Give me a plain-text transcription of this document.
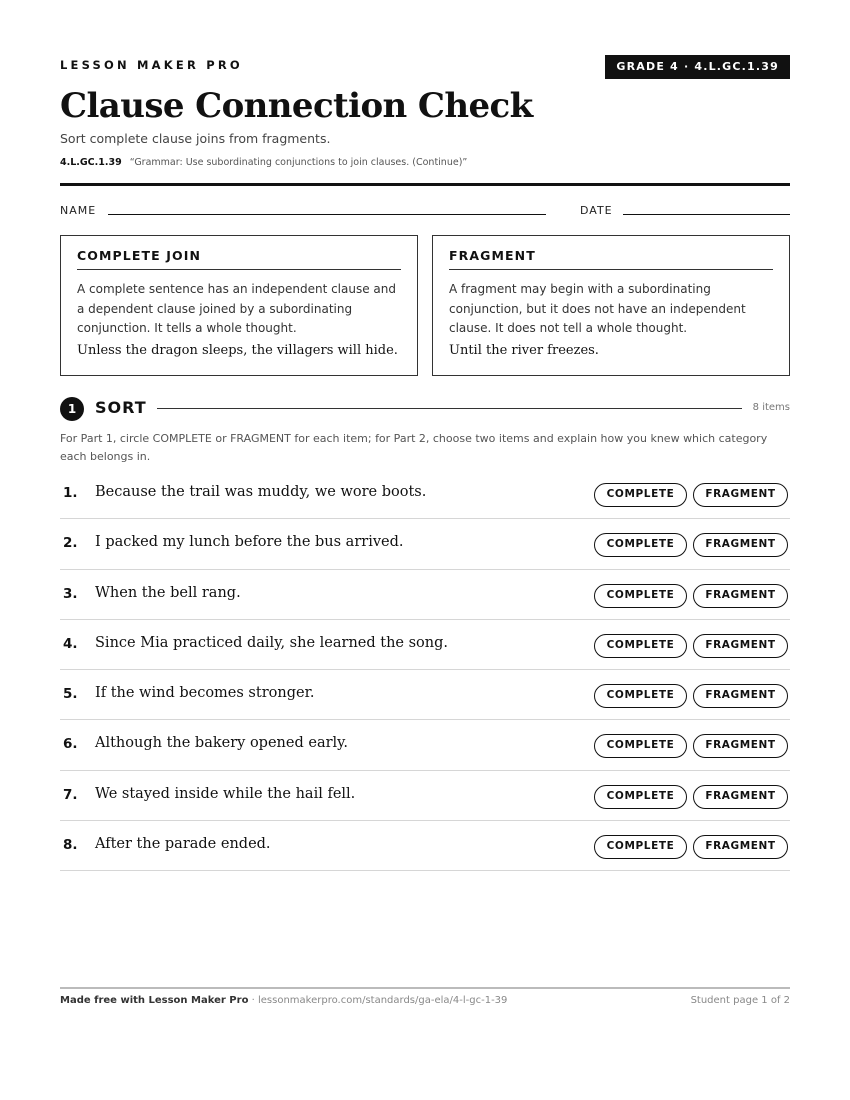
LESSON MAKER PRO	GRADE 4 · 4.L.GC.1.39
Clause Connection Check
Sort complete clause joins from fragments.
4.L.GC.1.39 “Grammar: Use subordinating conjunctions to join clauses. (Continue)”
NAME	DATE
COMPLETE JOIN
A complete sentence has an independent clause and a dependent clause joined by a subordinating conjunction. It tells a whole thought.
Unless the dragon sleeps, the villagers will hide.
FRAGMENT
A fragment may begin with a subordinating conjunction, but it does not have an independent clause. It does not tell a whole thought.
Until the river freezes.
1	SORT	8 items

For Part 1, circle COMPLETE or FRAGMENT for each item; for Part 2, choose two items and explain how you knew which category each belongs in.

1. Because the trail was muddy, we wore boots.	COMPLETE	FRAGMENT
2. I packed my lunch before the bus arrived.	COMPLETE	FRAGMENT
3. When the bell rang.	COMPLETE	FRAGMENT
4. Since Mia practiced daily, she learned the song.	COMPLETE	FRAGMENT
5. If the wind becomes stronger.	COMPLETE	FRAGMENT
6. Although the bakery opened early.	COMPLETE	FRAGMENT
7. We stayed inside while the hail fell.	COMPLETE	FRAGMENT
8. After the parade ended.	COMPLETE	FRAGMENT
Made free with Lesson Maker Pro · lessonmakerpro.com/standards/ga-ela/4-l-gc-1-39	Student page 1 of 2
